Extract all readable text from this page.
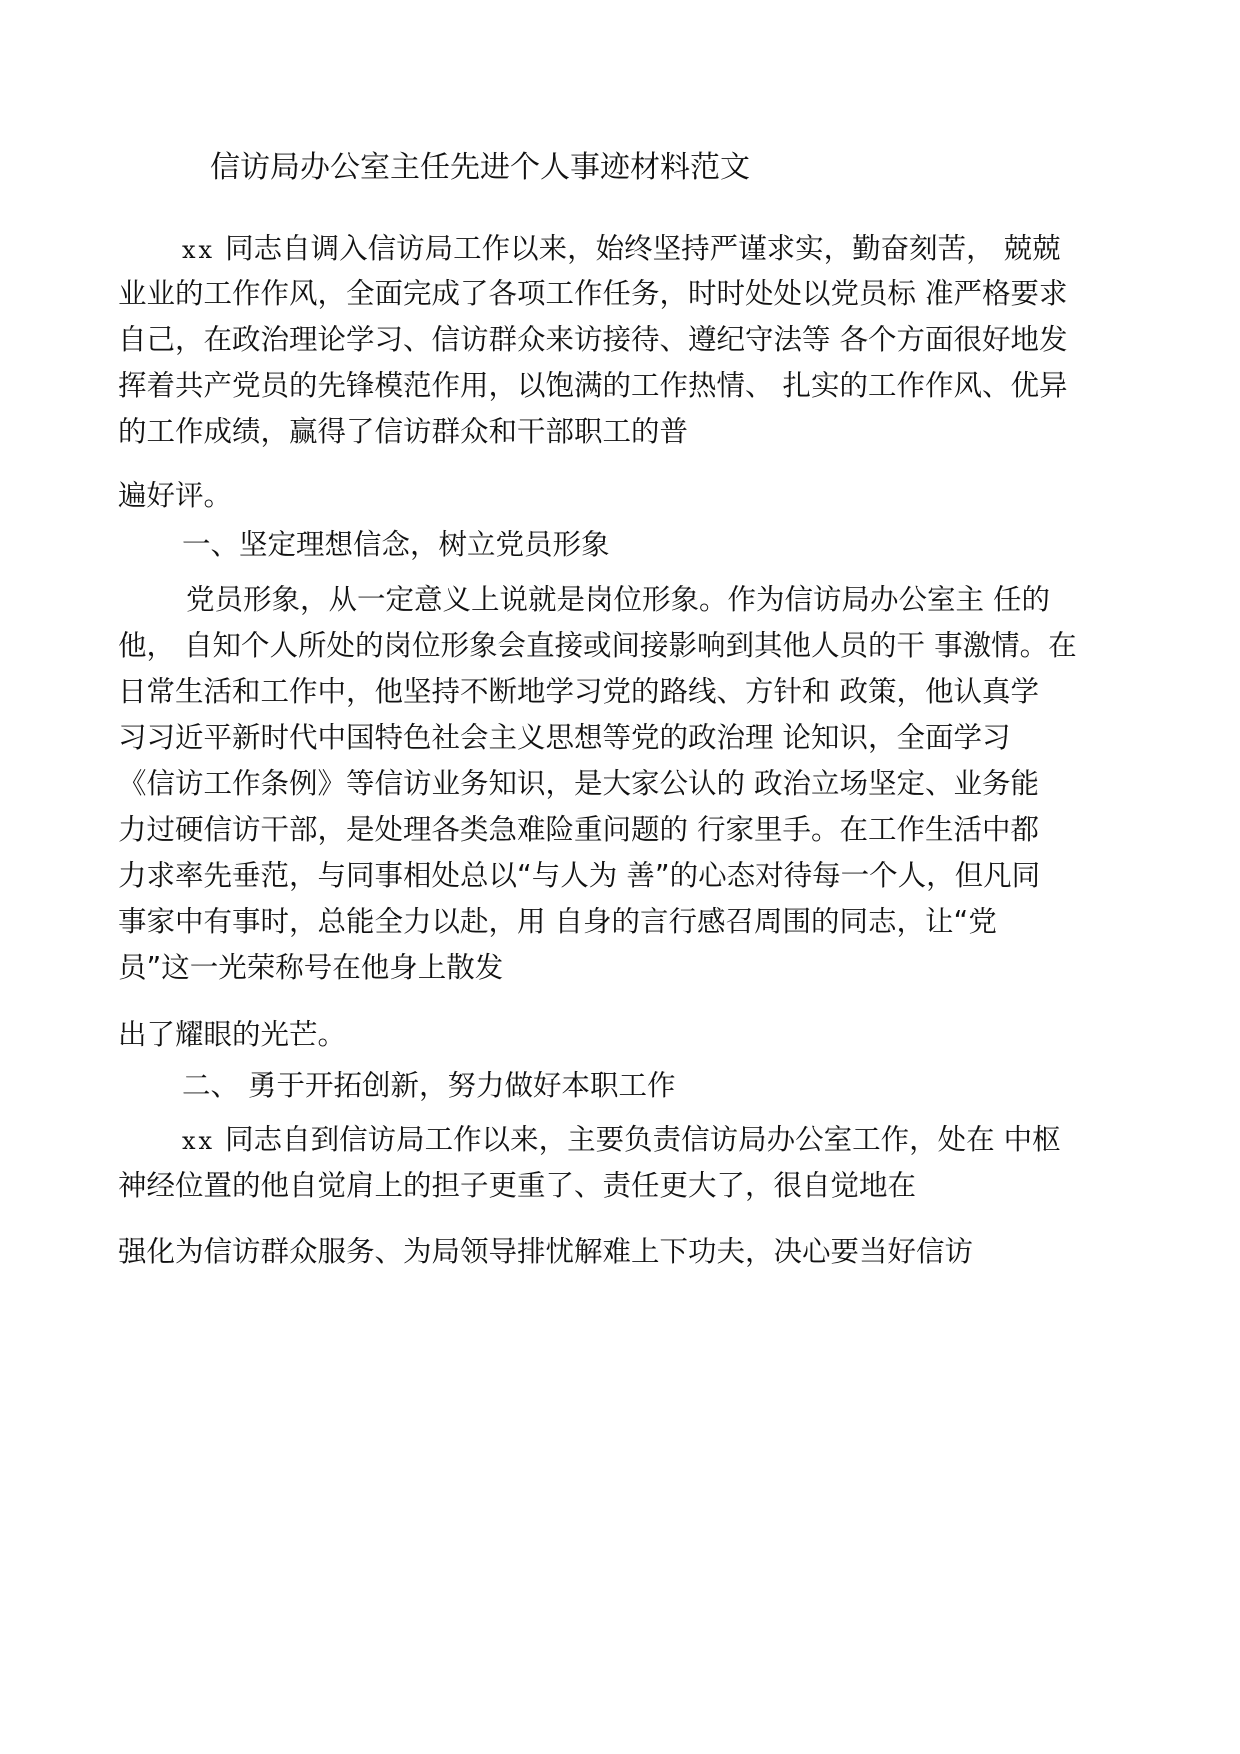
信访局办公室主任先进个人事迹材料范文
xx 同志自调入信访局工作以来，始终坚持严谨求实，勤奋刻苦， 兢兢
业业的工作作风，全面完成了各项工作任务，时时处处以党员标 准严格要求
自己，在政治理论学习、信访群众来访接待、遵纪守法等 各个方面很好地发
挥着共产党员的先锋模范作用，以饱满的工作热情、 扎实的工作作风、优异
的工作成绩，赢得了信访群众和干部职工的普
遍好评。
一、坚定理想信念，树立党员形象
党员形象，从一定意义上说就是岗位形象。作为信访局办公室主 任的
他， 自知个人所处的岗位形象会直接或间接影响到其他人员的干 事激情。在
日常生活和工作中，他坚持不断地学习党的路线、方针和 政策，他认真学
习习近平新时代中国特色社会主义思想等党的政治理 论知识，全面学习
《信访工作条例》等信访业务知识，是大家公认的 政治立场坚定、业务能
力过硬信访干部，是处理各类急难险重问题的 行家里手。在工作生活中都
力求率先垂范，与同事相处总以“与人为 善”的心态对待每一个人，但凡同
事家中有事时，总能全力以赴，用 自身的言行感召周围的同志，让“党
员”这一光荣称号在他身上散发
出了耀眼的光芒。
二、 勇于开拓创新，努力做好本职工作
xx 同志自到信访局工作以来，主要负责信访局办公室工作，处在 中枢
神经位置的他自觉肩上的担子更重了、责任更大了，很自觉地在
强化为信访群众服务、为局领导排忧解难上下功夫，决心要当好信访
